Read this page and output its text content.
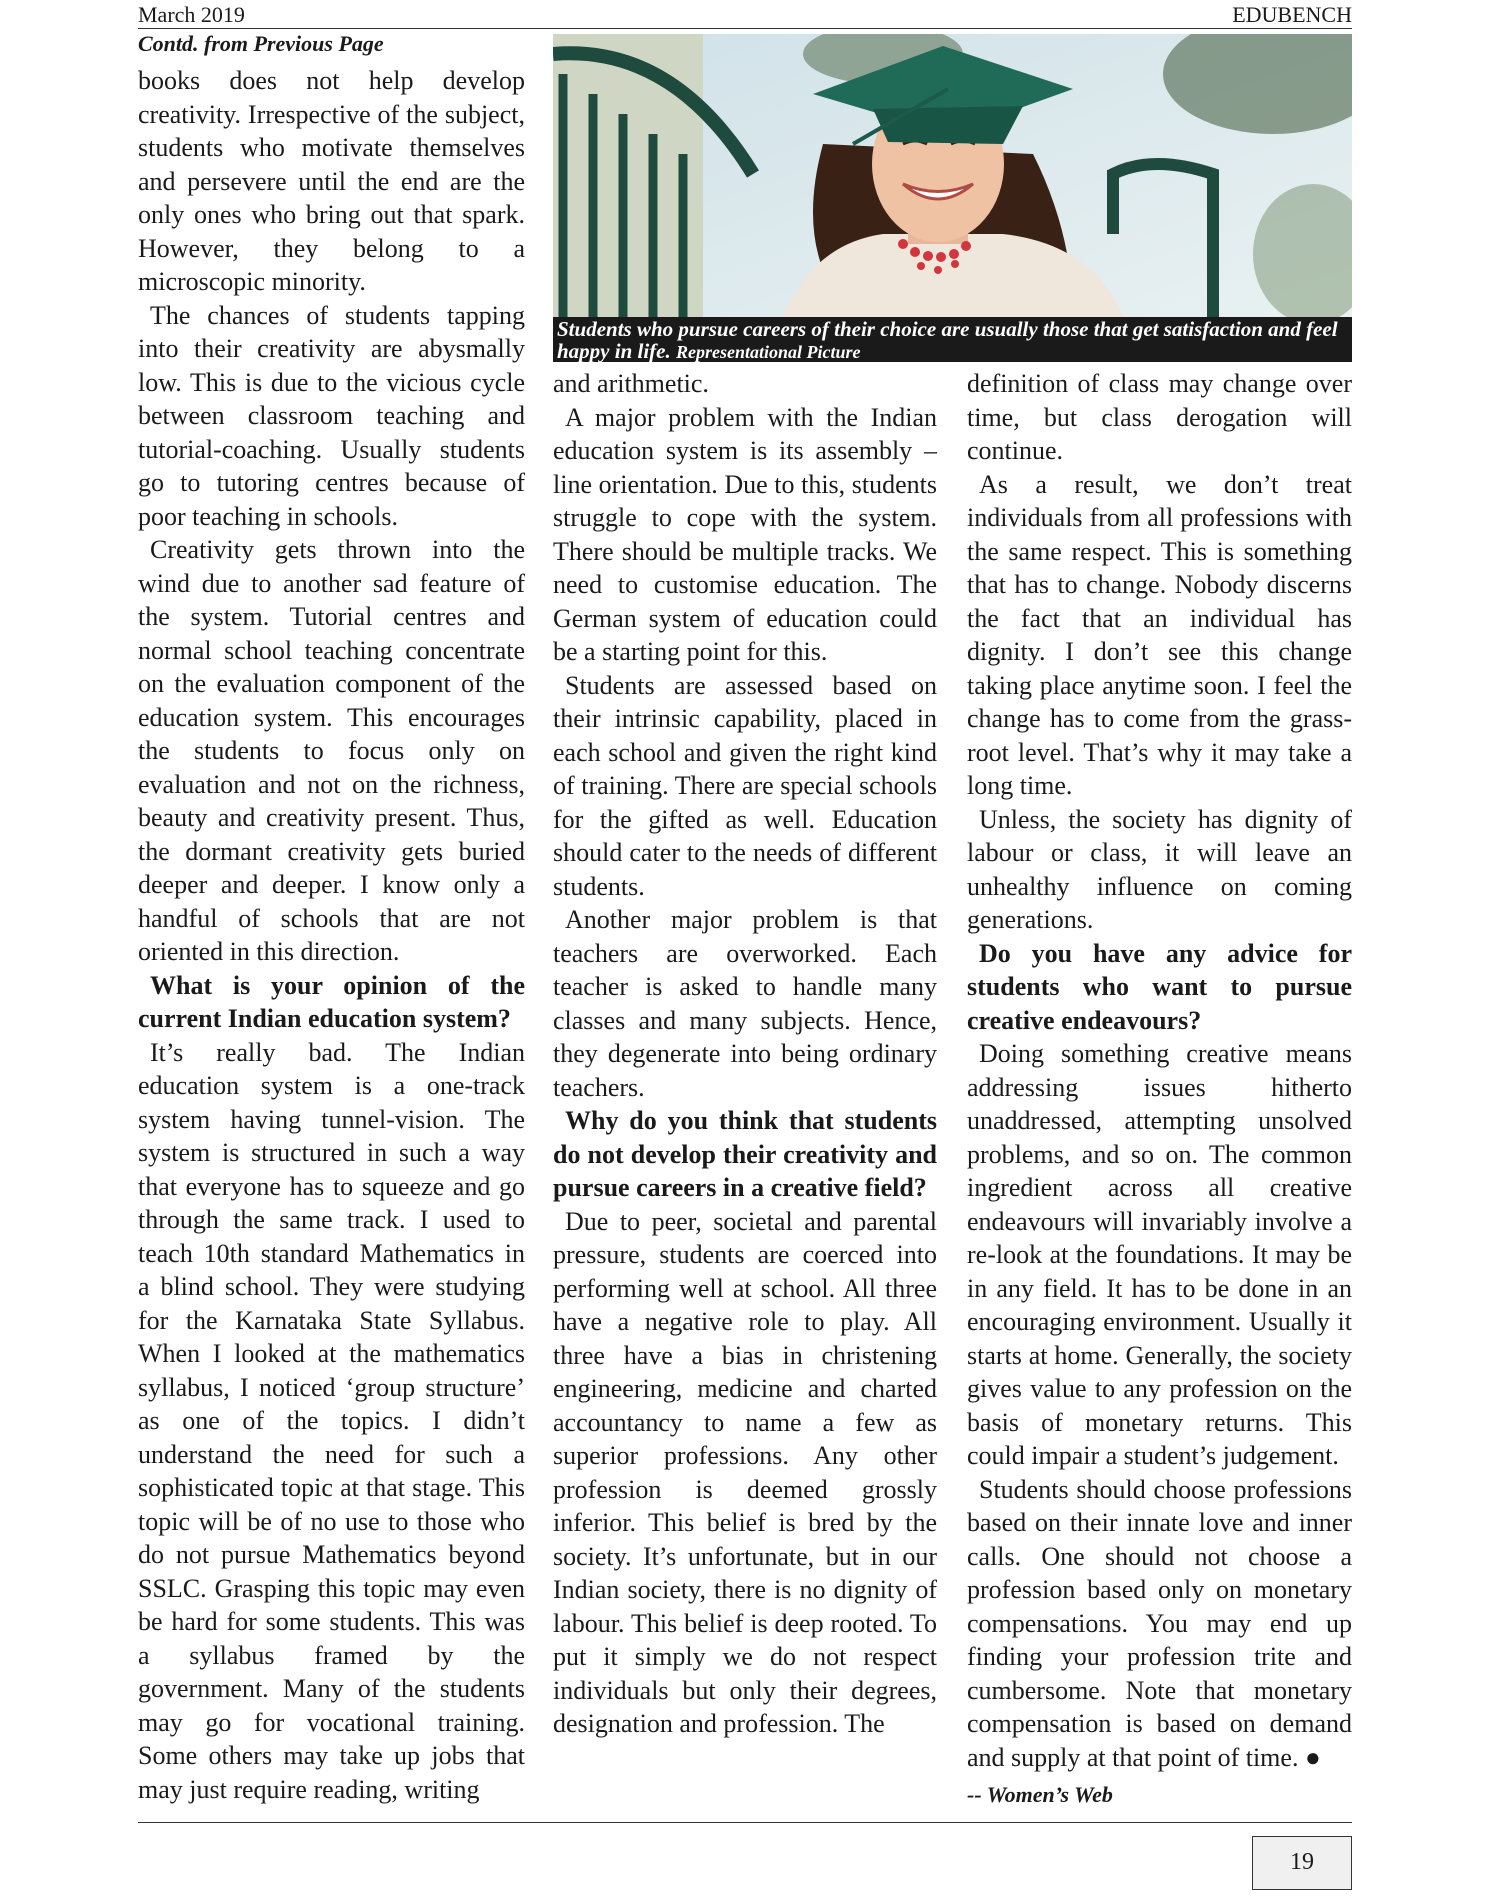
March 2019	EDUBENCH
Contd. from Previous Page

books does not help develop creativity. Irrespective of the subject, students who motivate themselves and persevere until the end are the only ones who bring out that spark. However, they belong to a microscopic minority.

The chances of students tapping into their creativity are abysmally low. This is due to the vicious cycle between classroom teaching and tutorial-coaching. Usually students go to tutoring centres because of poor teaching in schools.

Creativity gets thrown into the wind due to another sad feature of the system. Tutorial centres and normal school teaching concentrate on the evaluation component of the education system. This encourages the students to focus only on evaluation and not on the richness, beauty and creativity present. Thus, the dormant creativity gets buried deeper and deeper. I know only a handful of schools that are not oriented in this direction.

What is your opinion of the current Indian education system?

It’s really bad. The Indian education system is a one-track system having tunnel-vision. The system is structured in such a way that everyone has to squeeze and go through the same track. I used to teach 10th standard Mathematics in a blind school. They were studying for the Karnataka State Syllabus. When I looked at the mathematics syllabus, I noticed ‘group structure’ as one of the topics. I didn’t understand the need for such a sophisticated topic at that stage. This topic will be of no use to those who do not pursue Mathematics beyond SSLC. Grasping this topic may even be hard for some students. This was a syllabus framed by the government. Many of the students may go for vocational training. Some others may take up jobs that may just require reading, writing

Students who pursue careers of their choice are usually those that get satisfaction and feel happy in life. Representational Picture

and arithmetic.

A major problem with the Indian education system is its assembly – line orientation. Due to this, students struggle to cope with the system. There should be multiple tracks. We need to customise education. The German system of education could be a starting point for this.

Students are assessed based on their intrinsic capability, placed in each school and given the right kind of training. There are special schools for the gifted as well. Education should cater to the needs of different students.

Another major problem is that teachers are overworked. Each teacher is asked to handle many classes and many subjects. Hence, they degenerate into being ordinary teachers.

Why do you think that students do not develop their creativity and pursue careers in a creative field?

Due to peer, societal and parental pressure, students are coerced into performing well at school. All three have a negative role to play. All three have a bias in christening engineering, medicine and charted accountancy to name a few as superior professions. Any other profession is deemed grossly inferior. This belief is bred by the society. It’s unfortunate, but in our Indian society, there is no dignity of labour. This belief is deep rooted. To put it simply we do not respect individuals but only their degrees, designation and profession. The

definition of class may change over time, but class derogation will continue.

As a result, we don’t treat individuals from all professions with the same respect. This is something that has to change. Nobody discerns the fact that an individual has dignity. I don’t see this change taking place anytime soon. I feel the change has to come from the grass-root level. That’s why it may take a long time.

Unless, the society has dignity of labour or class, it will leave an unhealthy influence on coming generations.

Do you have any advice for students who want to pursue creative endeavours?

Doing something creative means addressing issues hitherto unaddressed, attempting unsolved problems, and so on. The common ingredient across all creative endeavours will invariably involve a re-look at the foundations. It may be in any field. It has to be done in an encouraging environment. Usually it starts at home. Generally, the society gives value to any profession on the basis of monetary returns. This could impair a student’s judgement.

Students should choose professions based on their innate love and inner calls. One should not choose a profession based only on monetary compensations. You may end up finding your profession trite and cumbersome. Note that monetary compensation is based on demand and supply at that point of time. ●

-- Women’s Web

19
